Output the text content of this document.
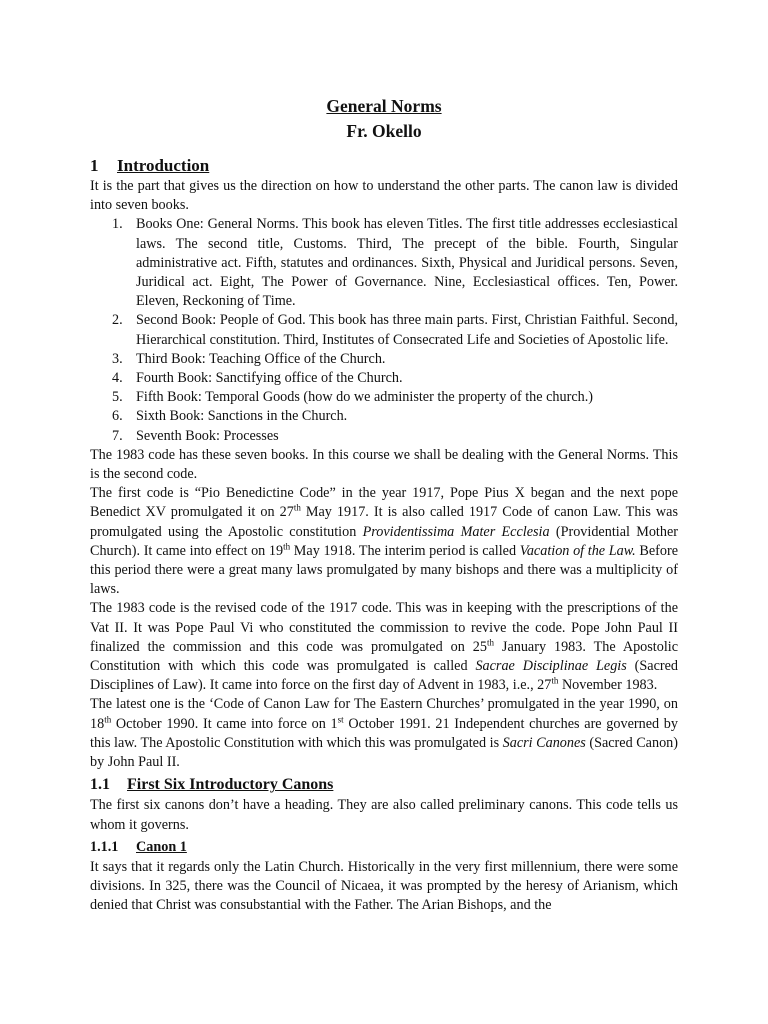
General Norms
Fr. Okello
1 Introduction

It is the part that gives us the direction on how to understand the other parts. The canon law is divided into seven books.

1. Books One: General Norms. This book has eleven Titles. The first title addresses ecclesiastical laws. The second title, Customs. Third, The precept of the bible. Fourth, Singular administrative act. Fifth, statutes and ordinances. Sixth, Physical and Juridical persons. Seven, Juridical act. Eight, The Power of Governance. Nine, Ecclesiastical offices. Ten, Power. Eleven, Reckoning of Time.
2. Second Book: People of God. This book has three main parts. First, Christian Faithful. Second, Hierarchical constitution. Third, Institutes of Consecrated Life and Societies of Apostolic life.
3. Third Book: Teaching Office of the Church.
4. Fourth Book: Sanctifying office of the Church.
5. Fifth Book: Temporal Goods (how do we administer the property of the church.)
6. Sixth Book: Sanctions in the Church.
7. Seventh Book: Processes

The 1983 code has these seven books. In this course we shall be dealing with the General Norms. This is the second code.

The first code is “Pio Benedictine Code” in the year 1917, Pope Pius X began and the next pope Benedict XV promulgated it on 27th May 1917. It is also called 1917 Code of canon Law. This was promulgated using the Apostolic constitution Providentissima Mater Ecclesia (Providential Mother Church). It came into effect on 19th May 1918. The interim period is called Vacation of the Law. Before this period there were a great many laws promulgated by many bishops and there was a multiplicity of laws.

The 1983 code is the revised code of the 1917 code. This was in keeping with the prescriptions of the Vat II. It was Pope Paul Vi who constituted the commission to revive the code. Pope John Paul II finalized the commission and this code was promulgated on 25th January 1983. The Apostolic Constitution with which this code was promulgated is called Sacrae Disciplinae Legis (Sacred Disciplines of Law). It came into force on the first day of Advent in 1983, i.e., 27th November 1983.

The latest one is the ‘Code of Canon Law for The Eastern Churches’ promulgated in the year 1990, on 18th October 1990. It came into force on 1st October 1991. 21 Independent churches are governed by this law. The Apostolic Constitution with which this was promulgated is Sacri Canones (Sacred Canon) by John Paul II.

1.1 First Six Introductory Canons

The first six canons don’t have a heading. They are also called preliminary canons. This code tells us whom it governs.

1.1.1 Canon 1

It says that it regards only the Latin Church. Historically in the very first millennium, there were some divisions. In 325, there was the Council of Nicaea, it was prompted by the heresy of Arianism, which denied that Christ was consubstantial with the Father. The Arian Bishops, and the
